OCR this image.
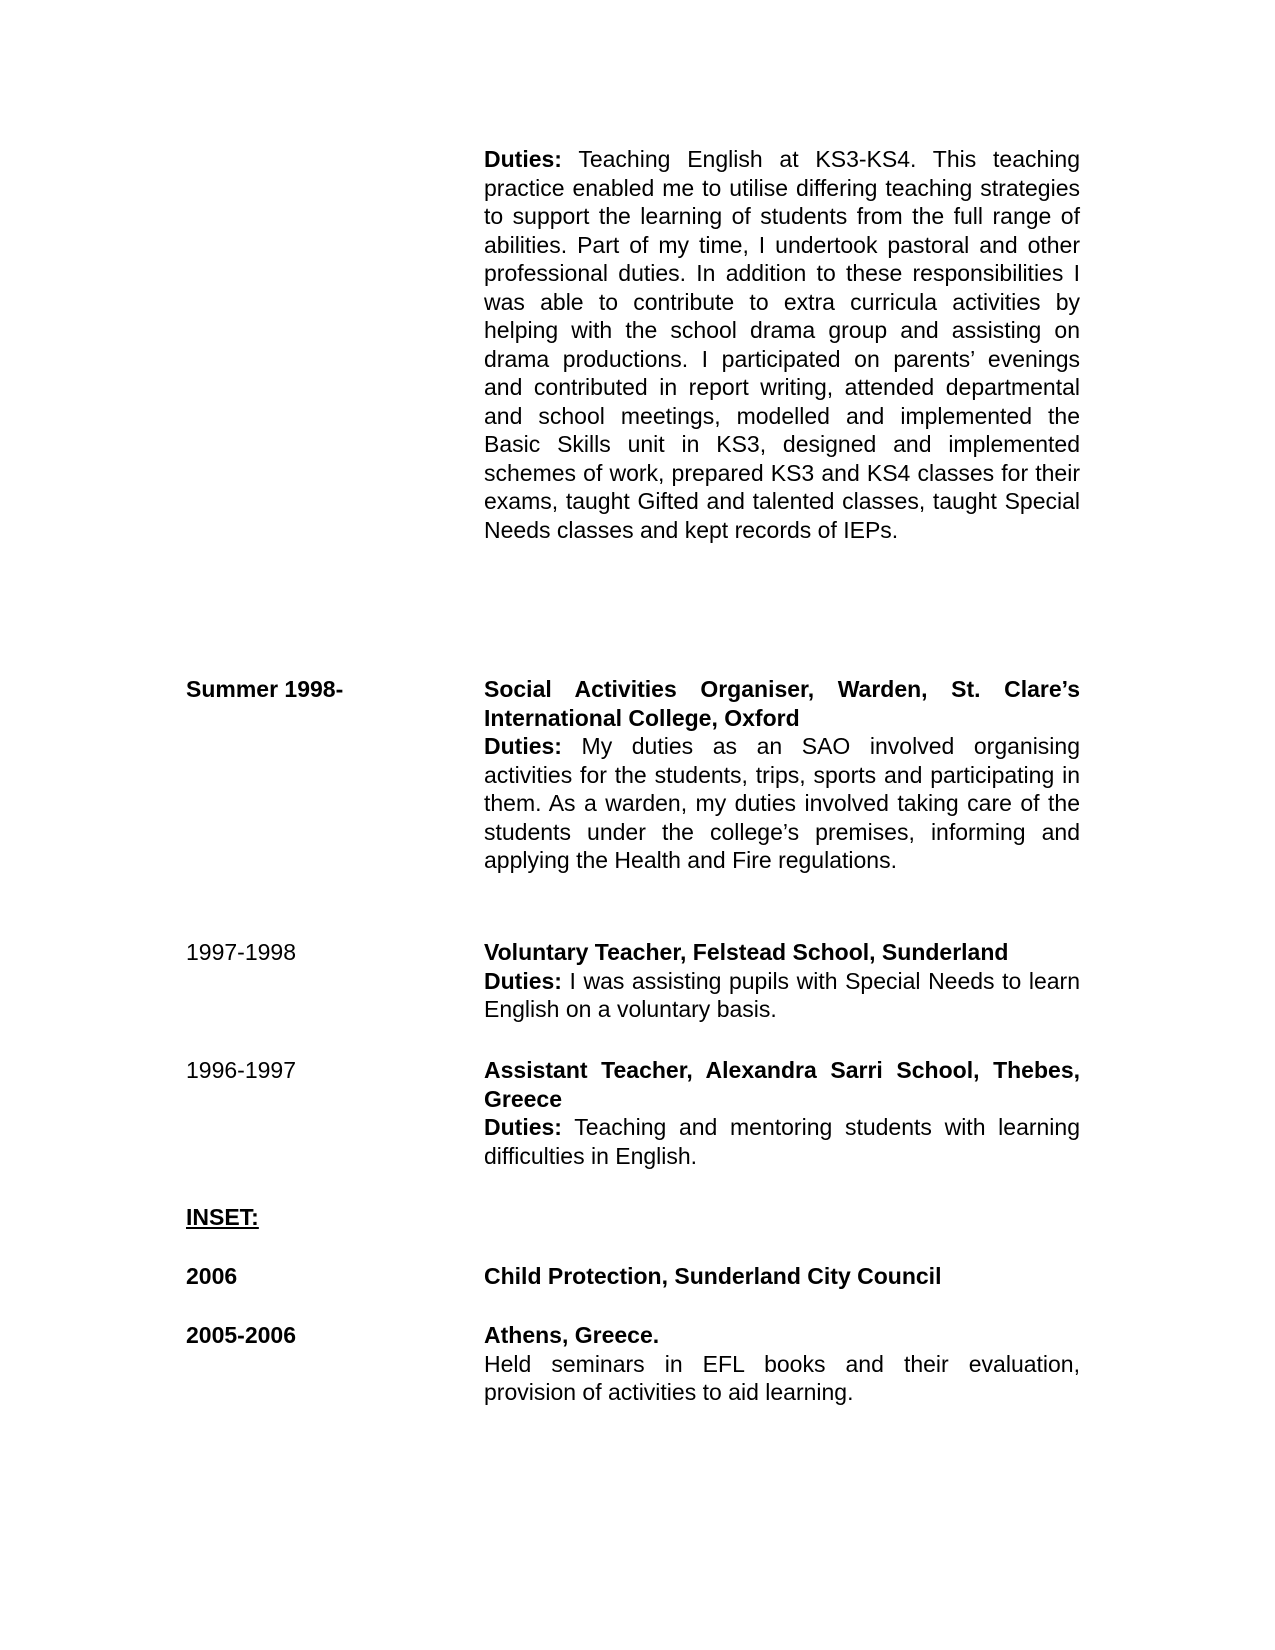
Duties: Teaching English at KS3-KS4. This teaching practice enabled me to utilise differing teaching strategies to support the learning of students from the full range of abilities. Part of my time, I undertook pastoral and other professional duties. In addition to these responsibilities I was able to contribute to extra curricula activities by helping with the school drama group and assisting on drama productions. I participated on parents’ evenings and contributed in report writing, attended departmental and school meetings, modelled and implemented the Basic Skills unit in KS3, designed and implemented schemes of work, prepared KS3 and KS4 classes for their exams, taught Gifted and talented classes, taught Special Needs classes and kept records of IEPs.

Summer 1998-	Social Activities Organiser, Warden, St. Clare’s International College, Oxford

Duties: My duties as an SAO involved organising activities for the students, trips, sports and participating in them. As a warden, my duties involved taking care of the students under the college’s premises, informing and applying the Health and Fire regulations.

1997-1998	Voluntary Teacher, Felstead School, Sunderland

Duties: I was assisting pupils with Special Needs to learn English on a voluntary basis.

1996-1997	Assistant Teacher, Alexandra Sarri School, Thebes, Greece

Duties: Teaching and mentoring students with learning difficulties in English.

INSET:
2006	Child Protection, Sunderland City Council

2005-2006	Athens, Greece.

Held seminars in EFL books and their evaluation, provision of activities to aid learning.
